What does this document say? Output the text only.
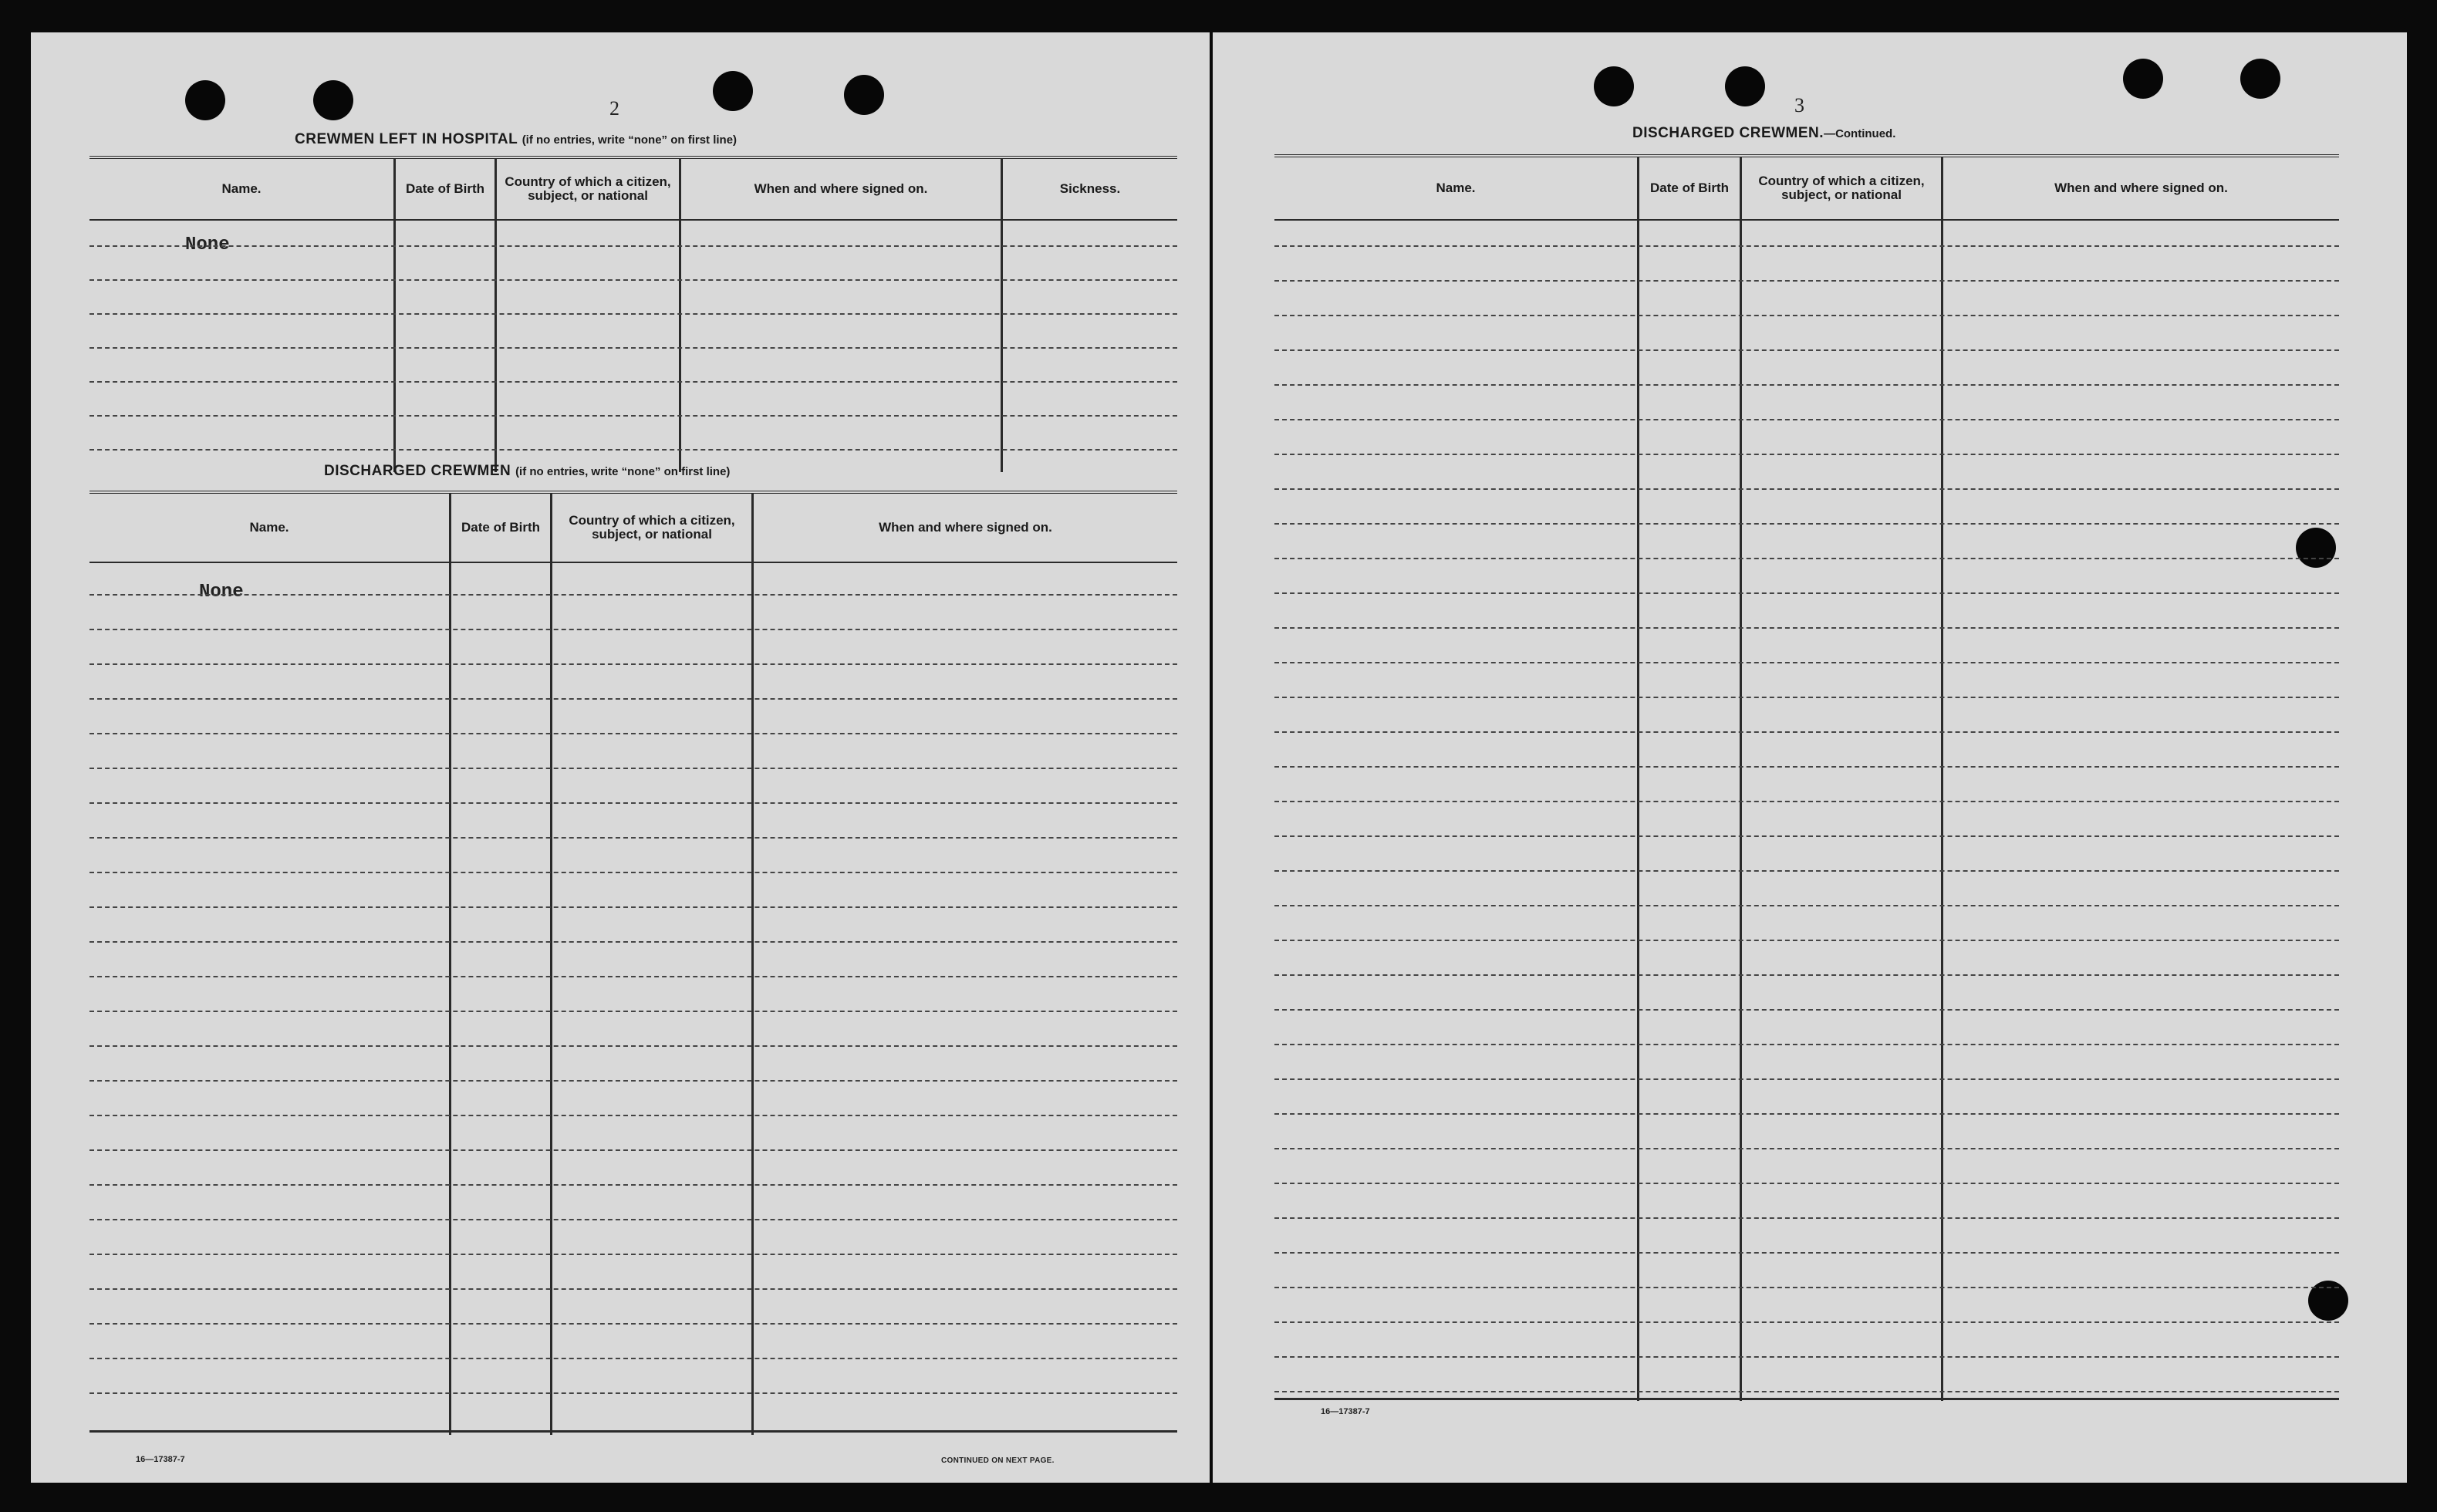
2
CREWMEN LEFT IN HOSPITAL (if no entries, write “none” on first line)
Name.	Date of Birth	Country of which a citizen, subject, or national	When and where signed on.	Sickness.
None
DISCHARGED CREWMEN (if no entries, write “none” on first line)
Name.	Date of Birth	Country of which a citizen, subject, or national	When and where signed on.
None
16—17387-7	CONTINUED ON NEXT PAGE.
3
DISCHARGED CREWMEN.—Continued.
Name.	Date of Birth	Country of which a citizen, subject, or national	When and where signed on.
16—17387-7
